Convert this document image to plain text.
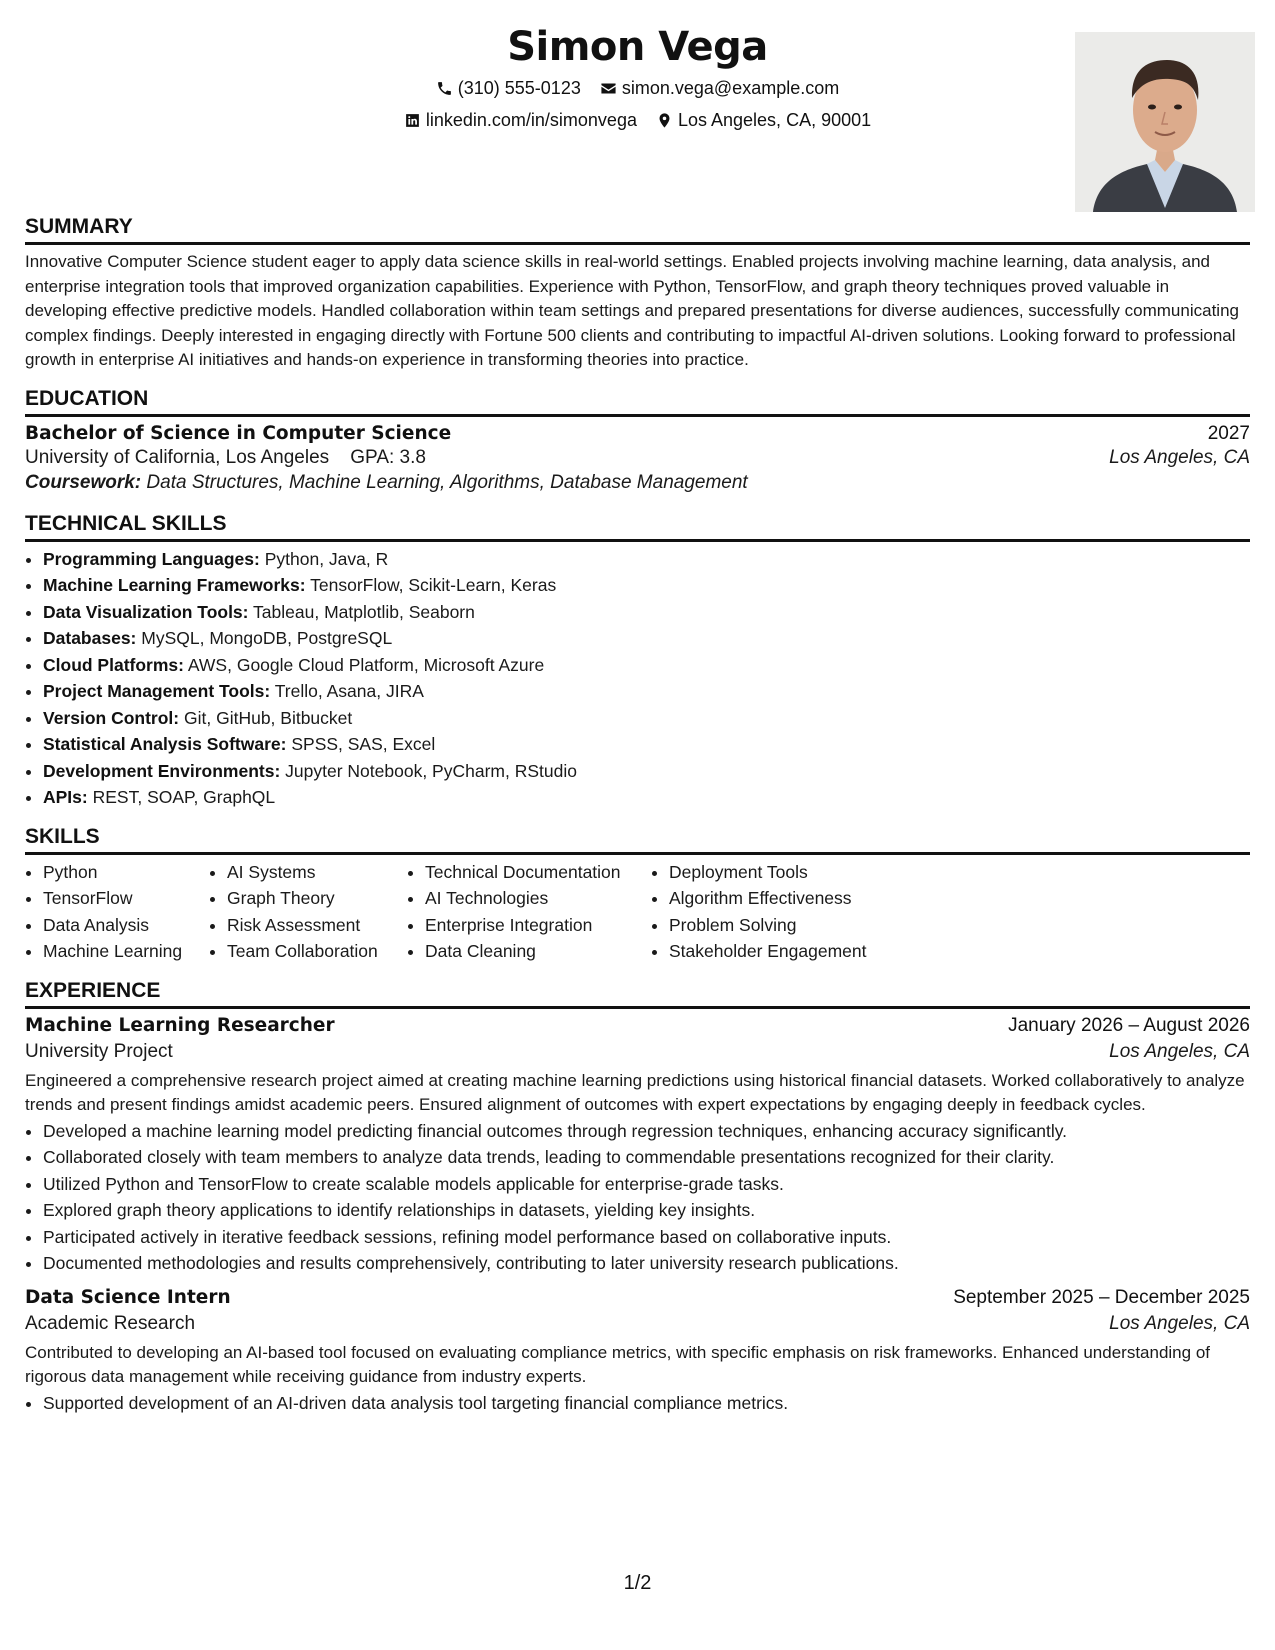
Simon Vega
(310) 555-0123
simon.vega@example.com
linkedin.com/in/simonvega
Los Angeles, CA, 90001
SUMMARY

Innovative Computer Science student eager to apply data science skills in real-world settings. Enabled projects involving machine learning, data analysis, and enterprise integration tools that improved organization capabilities. Experience with Python, TensorFlow, and graph theory techniques proved valuable in developing effective predictive models. Handled collaboration within team settings and prepared presentations for diverse audiences, successfully communicating complex findings. Deeply interested in engaging directly with Fortune 500 clients and contributing to impactful AI-driven solutions. Looking forward to professional growth in enterprise AI initiatives and hands-on experience in transforming theories into practice.

EDUCATION
Bachelor of Science in Computer Science	2027
University of California, Los Angeles GPA: 3.8	Los Angeles, CA
Coursework: Data Structures, Machine Learning, Algorithms, Database Management
TECHNICAL SKILLS
• Programming Languages: Python, Java, R
• Machine Learning Frameworks: TensorFlow, Scikit-Learn, Keras
• Data Visualization Tools: Tableau, Matplotlib, Seaborn
• Databases: MySQL, MongoDB, PostgreSQL
• Cloud Platforms: AWS, Google Cloud Platform, Microsoft Azure
• Project Management Tools: Trello, Asana, JIRA
• Version Control: Git, GitHub, Bitbucket
• Statistical Analysis Software: SPSS, SAS, Excel
• Development Environments: Jupyter Notebook, PyCharm, RStudio
• APIs: REST, SOAP, GraphQL
SKILLS
• Python
• TensorFlow
• Data Analysis
• Machine Learning
• AI Systems
• Graph Theory
• Risk Assessment
• Team Collaboration
• Technical Documentation
• AI Technologies
• Enterprise Integration
• Data Cleaning
• Deployment Tools
• Algorithm Effectiveness
• Problem Solving
• Stakeholder Engagement
EXPERIENCE
Machine Learning Researcher	January 2026 – August 2026
University Project	Los Angeles, CA

Engineered a comprehensive research project aimed at creating machine learning predictions using historical financial datasets. Worked collaboratively to analyze trends and present findings amidst academic peers. Ensured alignment of outcomes with expert expectations by engaging deeply in feedback cycles.

• Developed a machine learning model predicting financial outcomes through regression techniques, enhancing accuracy significantly.
• Collaborated closely with team members to analyze data trends, leading to commendable presentations recognized for their clarity.
• Utilized Python and TensorFlow to create scalable models applicable for enterprise-grade tasks.
• Explored graph theory applications to identify relationships in datasets, yielding key insights.
• Participated actively in iterative feedback sessions, refining model performance based on collaborative inputs.
• Documented methodologies and results comprehensively, contributing to later university research publications.
Data Science Intern	September 2025 – December 2025
Academic Research	Los Angeles, CA

Contributed to developing an AI-based tool focused on evaluating compliance metrics, with specific emphasis on risk frameworks. Enhanced understanding of rigorous data management while receiving guidance from industry experts.

• Supported development of an AI-driven data analysis tool targeting financial compliance metrics.
1/2
